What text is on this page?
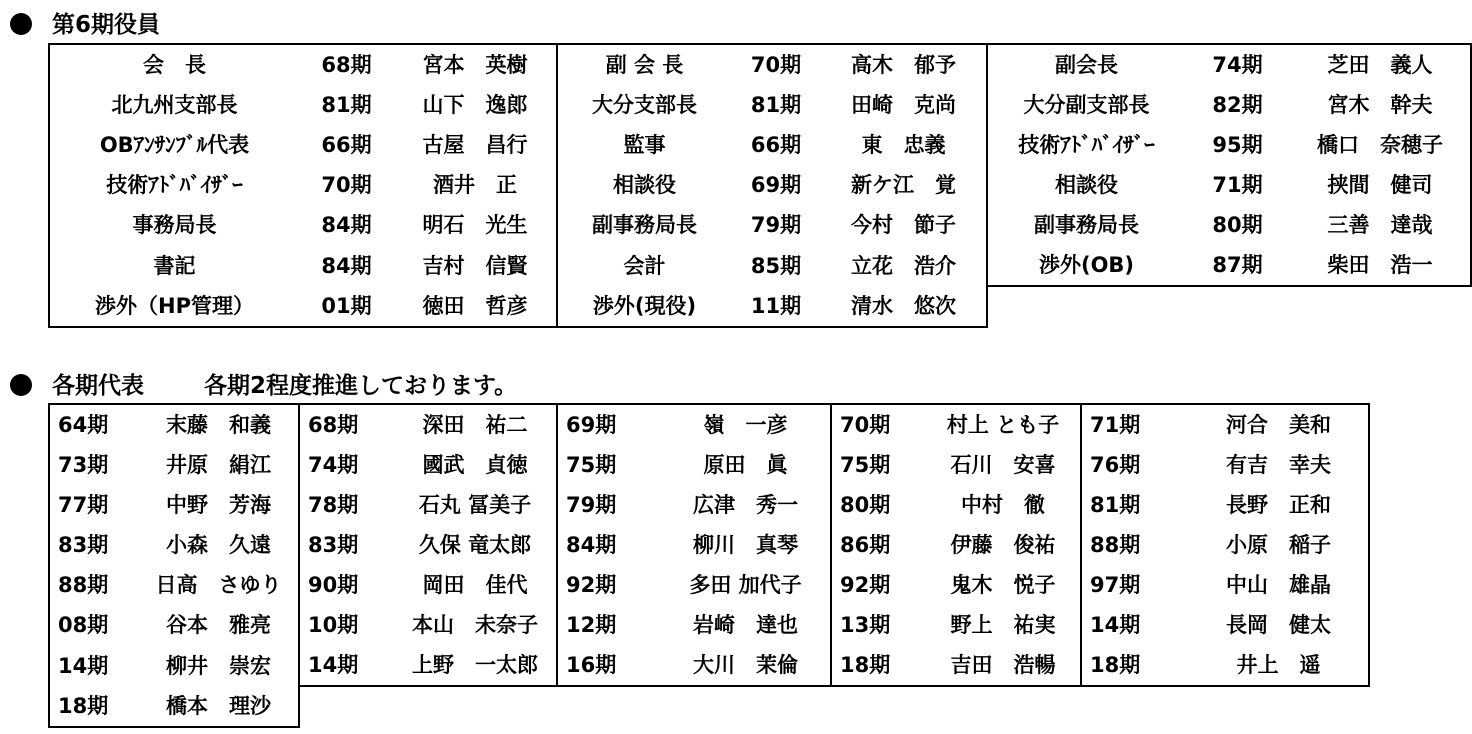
第6期役員
会　長	68期	宮本　英樹	副 会 長	70期	高木　郁予	副会長	74期	芝田　義人
北九州支部長	81期	山下　逸郎	大分支部長	81期	田崎　克尚	大分副支部長	82期	宮木　幹夫
OBｱﾝｻﾝﾌﾞﾙ代表	66期	古屋　昌行	監事	66期	東　忠義	技術ｱﾄﾞﾊﾞｲｻﾞｰ	95期	橋口　奈穂子
技術ｱﾄﾞﾊﾞｲｻﾞｰ	70期	酒井　正	相談役	69期	新ケ江　覚	相談役	71期	挟間　健司
事務局長	84期	明石　光生	副事務局長	79期	今村　節子	副事務局長	80期	三善　達哉
書記	84期	吉村　信賢	会計	85期	立花　浩介	渉外(OB)	87期	柴田　浩一
渉外（HP管理）	01期	徳田　哲彦	渉外(現役)	11期	清水　悠次			
各期代表	各期2程度推進しております。
64期	末藤　和義	68期	深田　祐二	69期	嶺　一彦	70期	村上 とも子	71期	河合　美和
73期	井原　絹江	74期	國武　貞徳	75期	原田　眞	75期	石川　安喜	76期	有吉　幸夫
77期	中野　芳海	78期	石丸 冨美子	79期	広津　秀一	80期	中村　徹	81期	長野　正和
83期	小森　久遠	83期	久保 竜太郎	84期	柳川　真琴	86期	伊藤　俊祐	88期	小原　稲子
88期	日高　さゆり	90期	岡田　佳代	92期	多田 加代子	92期	鬼木　悦子	97期	中山　雄晶
08期	谷本　雅亮	10期	本山　未奈子	12期	岩崎　達也	13期	野上　祐実	14期	長岡　健太
14期	柳井　崇宏	14期	上野　一太郎	16期	大川　茉倫	18期	吉田　浩暢	18期	井上　遥
18期	橋本　理沙								
